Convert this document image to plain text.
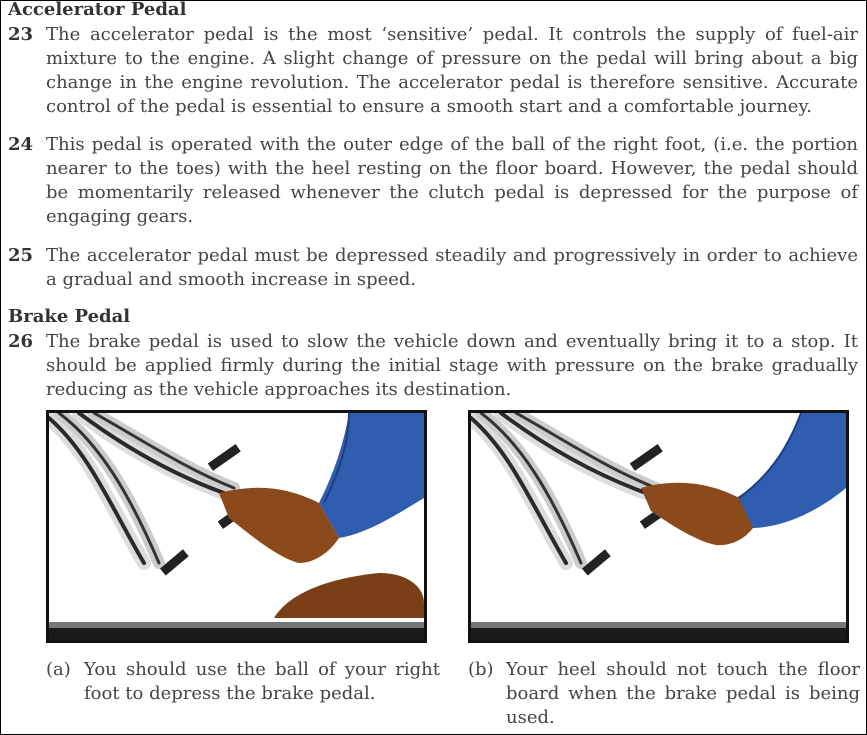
Accelerator Pedal
23 The accelerator pedal is the most ‘sensitive’ pedal. It controls the supply of fuel-air mixture to the engine. A slight change of pressure on the pedal will bring about a big change in the engine revolution. The accelerator pedal is therefore sensitive. Accurate control of the pedal is essential to ensure a smooth start and a comfortable journey.
24 This pedal is operated with the outer edge of the ball of the right foot, (i.e. the portion nearer to the toes) with the heel resting on the floor board. However, the pedal should be momentarily released whenever the clutch pedal is depressed for the purpose of engaging gears.
25 The accelerator pedal must be depressed steadily and progressively in order to achieve a gradual and smooth increase in speed.
Brake Pedal
26 The brake pedal is used to slow the vehicle down and eventually bring it to a stop. It should be applied firmly during the initial stage with pressure on the brake gradually reducing as the vehicle approaches its destination.
(a) You should use the ball of your right foot to depress the brake pedal.
(b) Your heel should not touch the floor board when the brake pedal is being used.
